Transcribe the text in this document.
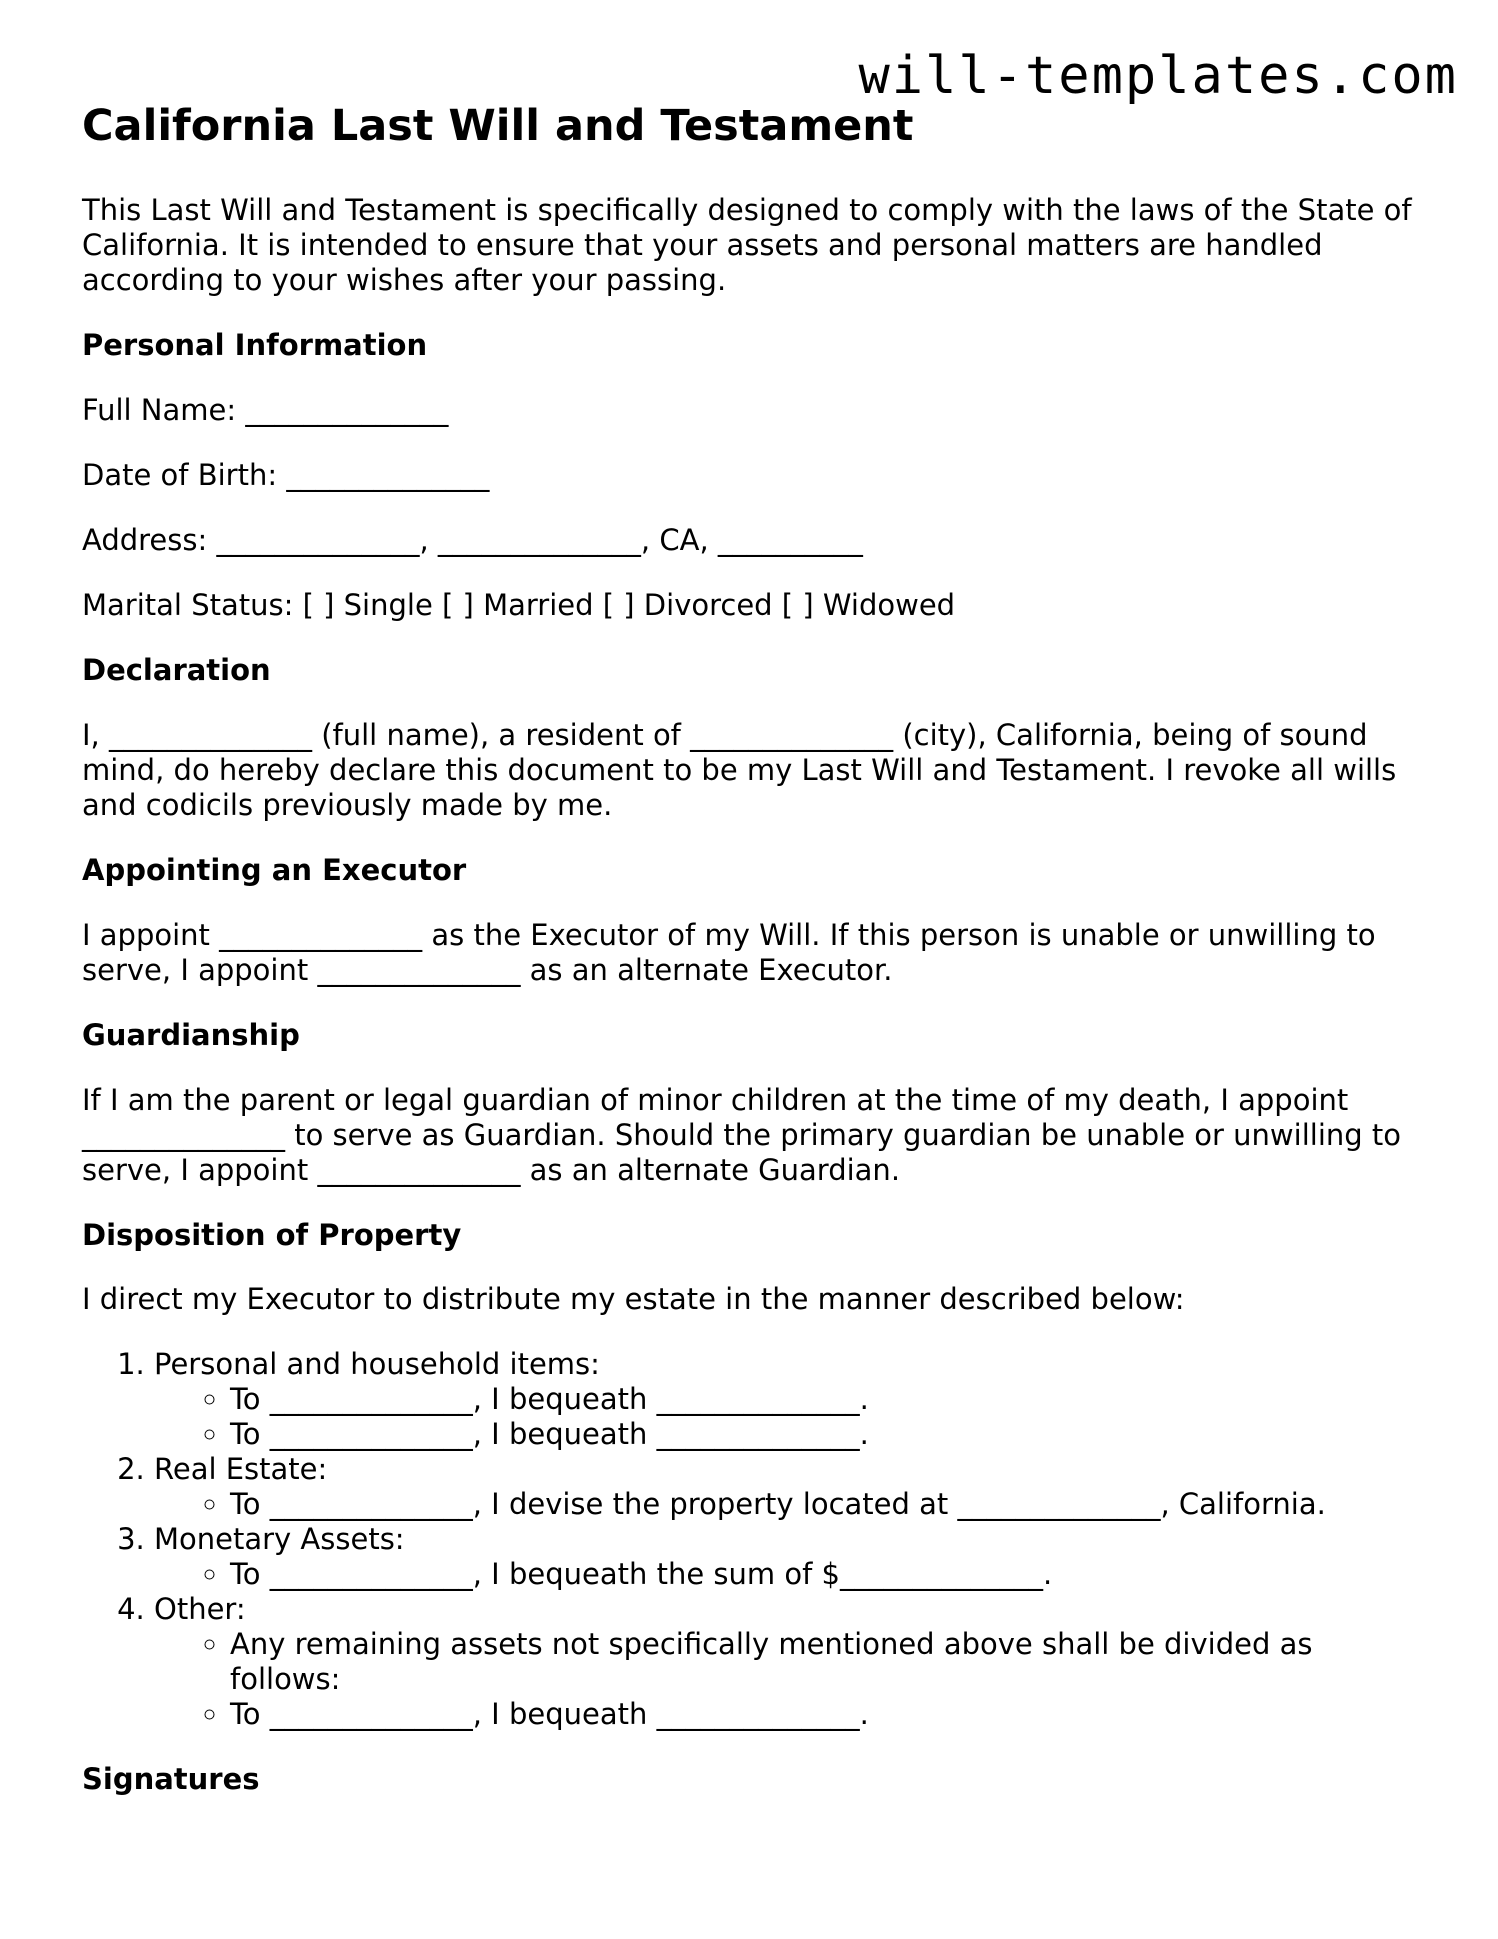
will-templates.com
California Last Will and Testament

This Last Will and Testament is specifically designed to comply with the laws of the State of California. It is intended to ensure that your assets and personal matters are handled according to your wishes after your passing.

Personal Information

Full Name: ______________

Date of Birth: ______________

Address: ______________, ______________, CA, __________

Marital Status: [ ] Single [ ] Married [ ] Divorced [ ] Widowed

Declaration

I, ______________ (full name), a resident of ______________ (city), California, being of sound mind, do hereby declare this document to be my Last Will and Testament. I revoke all wills and codicils previously made by me.

Appointing an Executor

I appoint ______________ as the Executor of my Will. If this person is unable or unwilling to serve, I appoint ______________ as an alternate Executor.

Guardianship

If I am the parent or legal guardian of minor children at the time of my death, I appoint ______________ to serve as Guardian. Should the primary guardian be unable or unwilling to serve, I appoint ______________ as an alternate Guardian.

Disposition of Property

I direct my Executor to distribute my estate in the manner described below:

1. Personal and household items:
◦ To ______________, I bequeath ______________.
◦ To ______________, I bequeath ______________.
2. Real Estate:
◦ To ______________, I devise the property located at ______________, California.
3. Monetary Assets:
◦ To ______________, I bequeath the sum of $______________.
4. Other:
◦ Any remaining assets not specifically mentioned above shall be divided as follows:
◦ To ______________, I bequeath ______________.
Signatures
